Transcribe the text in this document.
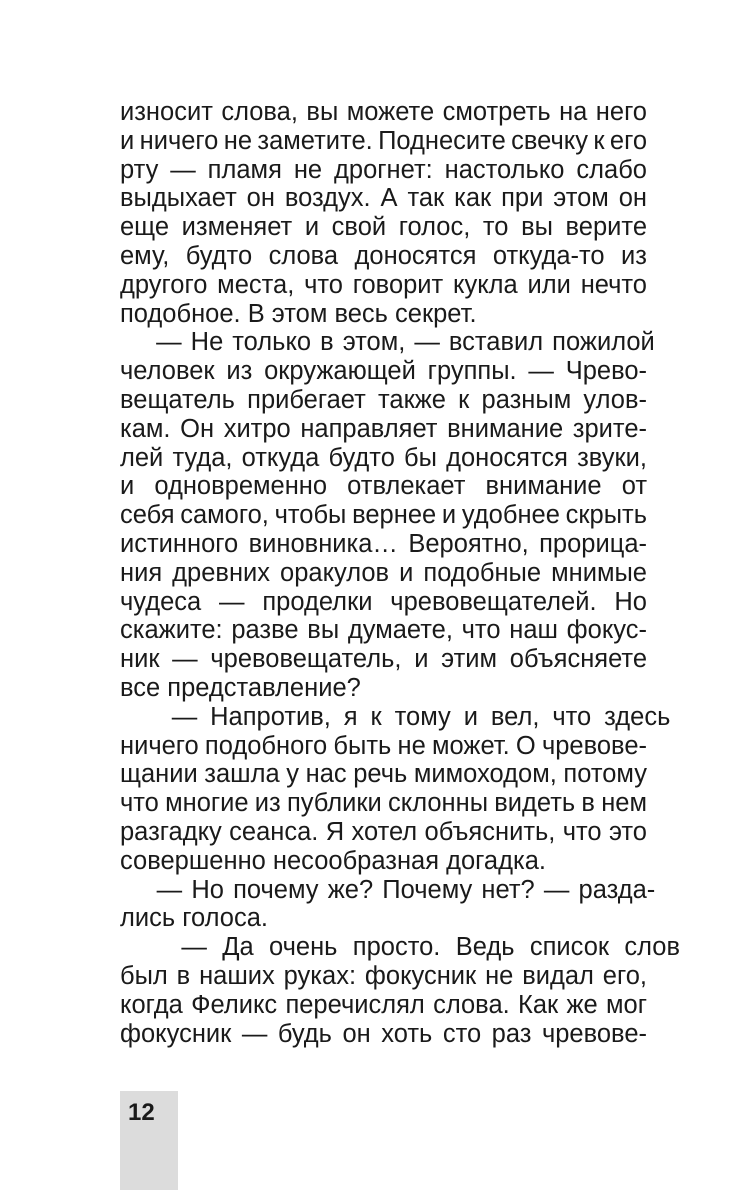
износит слова, вы можете смотреть на него
и ничего не заметите. Поднесите свечку к его
рту — пламя не дрогнет: настолько слабо
выдыхает он воздух. А так как при этом он
еще изменяет и свой голос, то вы верите
ему, будто слова доносятся откуда-то из
другого места, что говорит кукла или нечто
подобное. В этом весь секрет.
— Не только в этом, — вставил пожилой
человек из окружающей группы. — Чрево-
вещатель прибегает также к разным улов-
кам. Он хитро направляет внимание зрите-
лей туда, откуда будто бы доносятся звуки,
и одновременно отвлекает внимание от
себя самого, чтобы вернее и удобнее скрыть
истинного виновника… Вероятно, прорица-
ния древних оракулов и подобные мнимые
чудеса — проделки чревовещателей. Но
скажите: разве вы думаете, что наш фокус-
ник — чревовещатель, и этим объясняете
все представление?
— Напротив, я к тому и вел, что здесь
ничего подобного быть не может. О чревове-
щании зашла у нас речь мимоходом, потому
что многие из публики склонны видеть в нем
разгадку сеанса. Я хотел объяснить, что это
совершенно несообразная догадка.
— Но почему же? Почему нет? — разда-
лись голоса.
— Да очень просто. Ведь список слов
был в наших руках: фокусник не видал его,
когда Феликс перечислял слова. Как же мог
фокусник — будь он хоть сто раз чревове-
12
